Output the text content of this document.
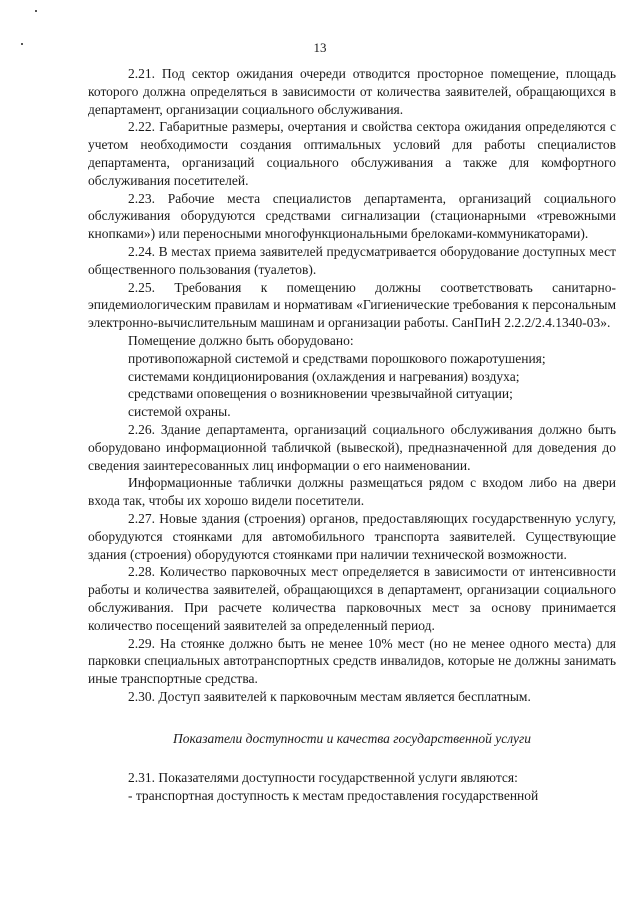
13

2.21. Под сектор ожидания очереди отводится просторное помещение, площадь которого должна определяться в зависимости от количества заявителей, обращающихся в департамент, организации социального обслуживания.

2.22. Габаритные размеры, очертания и свойства сектора ожидания определяются с учетом необходимости создания оптимальных условий для работы специалистов департамента, организаций социального обслуживания а также для комфортного обслуживания посетителей.

2.23. Рабочие места специалистов департамента, организаций социального обслуживания оборудуются средствами сигнализации (стационарными «тревожными кнопками») или переносными многофункциональными брелоками-коммуникаторами).

2.24. В местах приема заявителей предусматривается оборудование доступных мест общественного пользования (туалетов).

2.25. Требования к помещению должны соответствовать санитарно-эпидемиологическим правилам и нормативам «Гигиенические требования к персональным электронно-вычислительным машинам и организации работы. СанПиН 2.2.2/2.4.1340-03».

Помещение должно быть оборудовано:

противопожарной системой и средствами порошкового пожаротушения;

системами кондиционирования (охлаждения и нагревания) воздуха;

средствами оповещения о возникновении чрезвычайной ситуации;

системой охраны.

2.26. Здание департамента, организаций социального обслуживания должно быть оборудовано информационной табличкой (вывеской), предназначенной для доведения до сведения заинтересованных лиц информации о его наименовании.

Информационные таблички должны размещаться рядом с входом либо на двери входа так, чтобы их хорошо видели посетители.

2.27. Новые здания (строения) органов, предоставляющих государственную услугу, оборудуются стоянками для автомобильного транспорта заявителей. Существующие здания (строения) оборудуются стоянками при наличии технической возможности.

2.28. Количество парковочных мест определяется в зависимости от интенсивности работы и количества заявителей, обращающихся в департамент, организации социального обслуживания. При расчете количества парковочных мест за основу принимается количество посещений заявителей за определенный период.

2.29. На стоянке должно быть не менее 10% мест (но не менее одного места) для парковки специальных автотранспортных средств инвалидов, которые не должны занимать иные транспортные средства.

2.30. Доступ заявителей к парковочным местам является бесплатным.

Показатели доступности и качества государственной услуги

2.31. Показателями доступности государственной услуги являются:

- транспортная доступность к местам предоставления государственной
